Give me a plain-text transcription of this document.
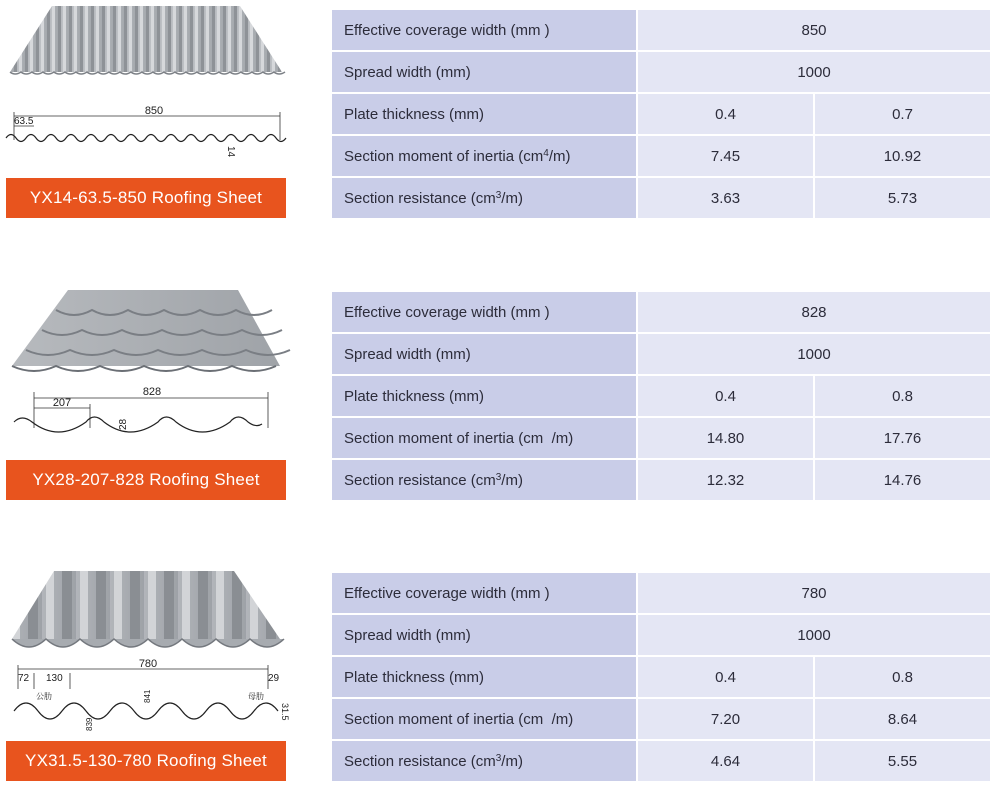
850
63.5
14
YX14-63.5-850 Roofing Sheet
Effective coverage width (mm )	850	
Spread width (mm)	1000	
Plate thickness (mm)	0.4	0.7
Section moment of inertia $(cm^4/m)$	7.45	10.92
Section resistance $(cm^3/m)$	3.63	5.73
828
207
28
YX28-207-828 Roofing Sheet
Effective coverage width (mm )	828	
Spread width (mm)	1000	
Plate thickness (mm)	0.4	0.8
Section moment of inertia (cm  /m)	14.80	17.76
Section resistance $(cm^3/m)$	12.32	14.76
780
72 130	29
公肋	母肋
841
839
31.5
YX31.5-130-780 Roofing Sheet
Effective coverage width (mm )	780	
Spread width (mm)	1000	
Plate thickness (mm)	0.4	0.8
Section moment of inertia (cm  /m)	7.20	8.64
Section resistance $(cm^3/m)$	4.64	5.55
